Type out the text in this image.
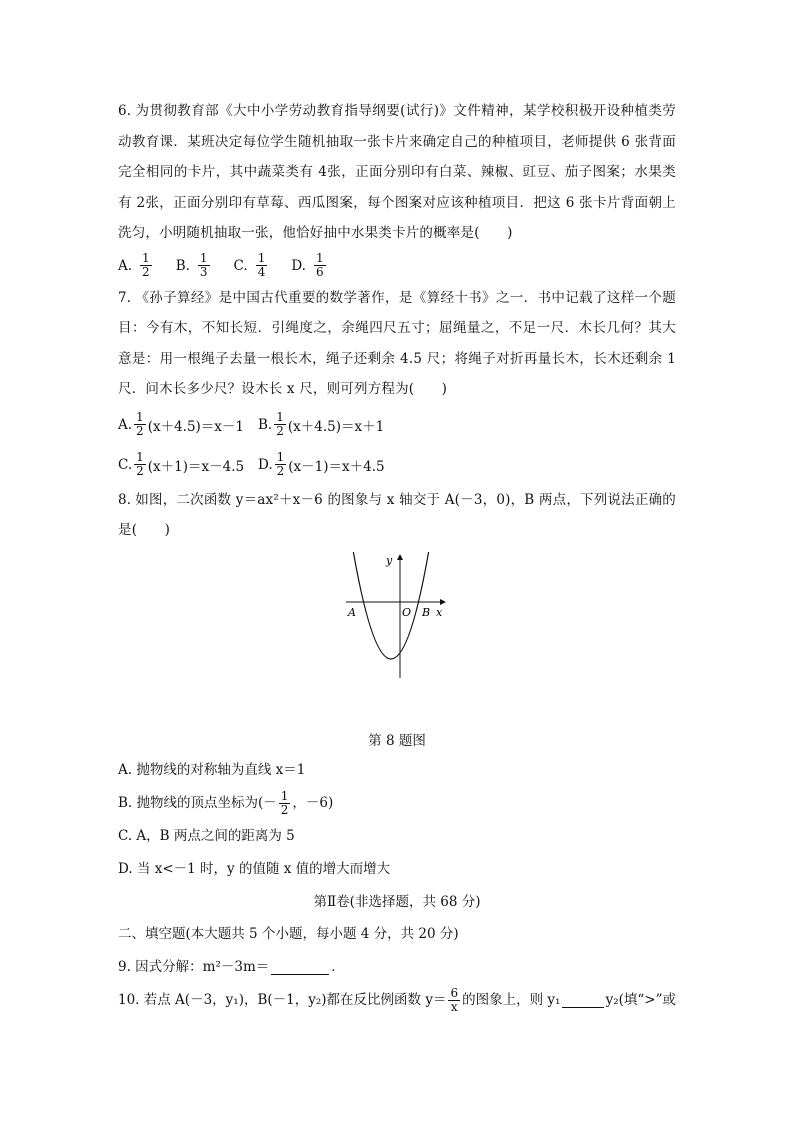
6. 为贯彻教育部《大中小学劳动教育指导纲要(试行)》文件精神，某学校积极开设种植类劳动教育课．某班决定每位学生随机抽取一张卡片来确定自己的种植项目，老师提供 6 张背面完全相同的卡片，其中蔬菜类有 4张，正面分别印有白菜、辣椒、豇豆、茄子图案；水果类有 2张，正面分别印有草莓、西瓜图案，每个图案对应该种植项目．把这 6 张卡片背面朝上洗匀，小明随机抽取一张，他恰好抽中水果类卡片的概率是(　　)

A. $\frac{1}{2} B$. $\frac{1}{3} C$. $\frac{1}{4} D$. $\frac{1}{6}$

7. 《孙子算经》是中国古代重要的数学著作，是《算经十书》之一．书中记载了这样一个题目：今有木，不知长短．引绳度之，余绳四尺五寸；屈绳量之，不足一尺．木长几何？其大意是：用一根绳子去量一根长木，绳子还剩余 4.5 尺；将绳子对折再量长木，长木还剩余 1 尺．问木长多少尺？设木长 x 尺，则可列方程为(　　)

A. $\frac{1}{2} (x+4.5)=x-1$ B. $\frac{1}{2} (x+4.5)=x+1$
C. $\frac{1}{2} (x+1)=x-4.5$ D. $\frac{1}{2} (x-1)=x+4.5$

8. 如图，二次函数 y＝ax²＋x－6 的图象与 x 轴交于 A(－3，0)，B 两点，下列说法正确的是(　　)

y
x
A	O B

第 8 题图

A. 抛物线的对称轴为直线 x＝1

B. 抛物线的顶点坐标为(－ $\frac{1}{2}$ ，－6)

C. A，B 两点之间的距离为 5

D. 当 x<－1 时，y 的值随 x 值的增大而增大

第Ⅱ卷(非选择题，共 68 分)

二、填空题(本大题共 5 个小题，每小题 4 分，共 20 分)

9. 因式分解：m²－3m＝	．

10. 若点 A(－3，y₁)，B(－1，y₂)都在反比例函数 $y= \frac{6}{x}$ 的图象上，则 y₁	y₂(填“>”或
